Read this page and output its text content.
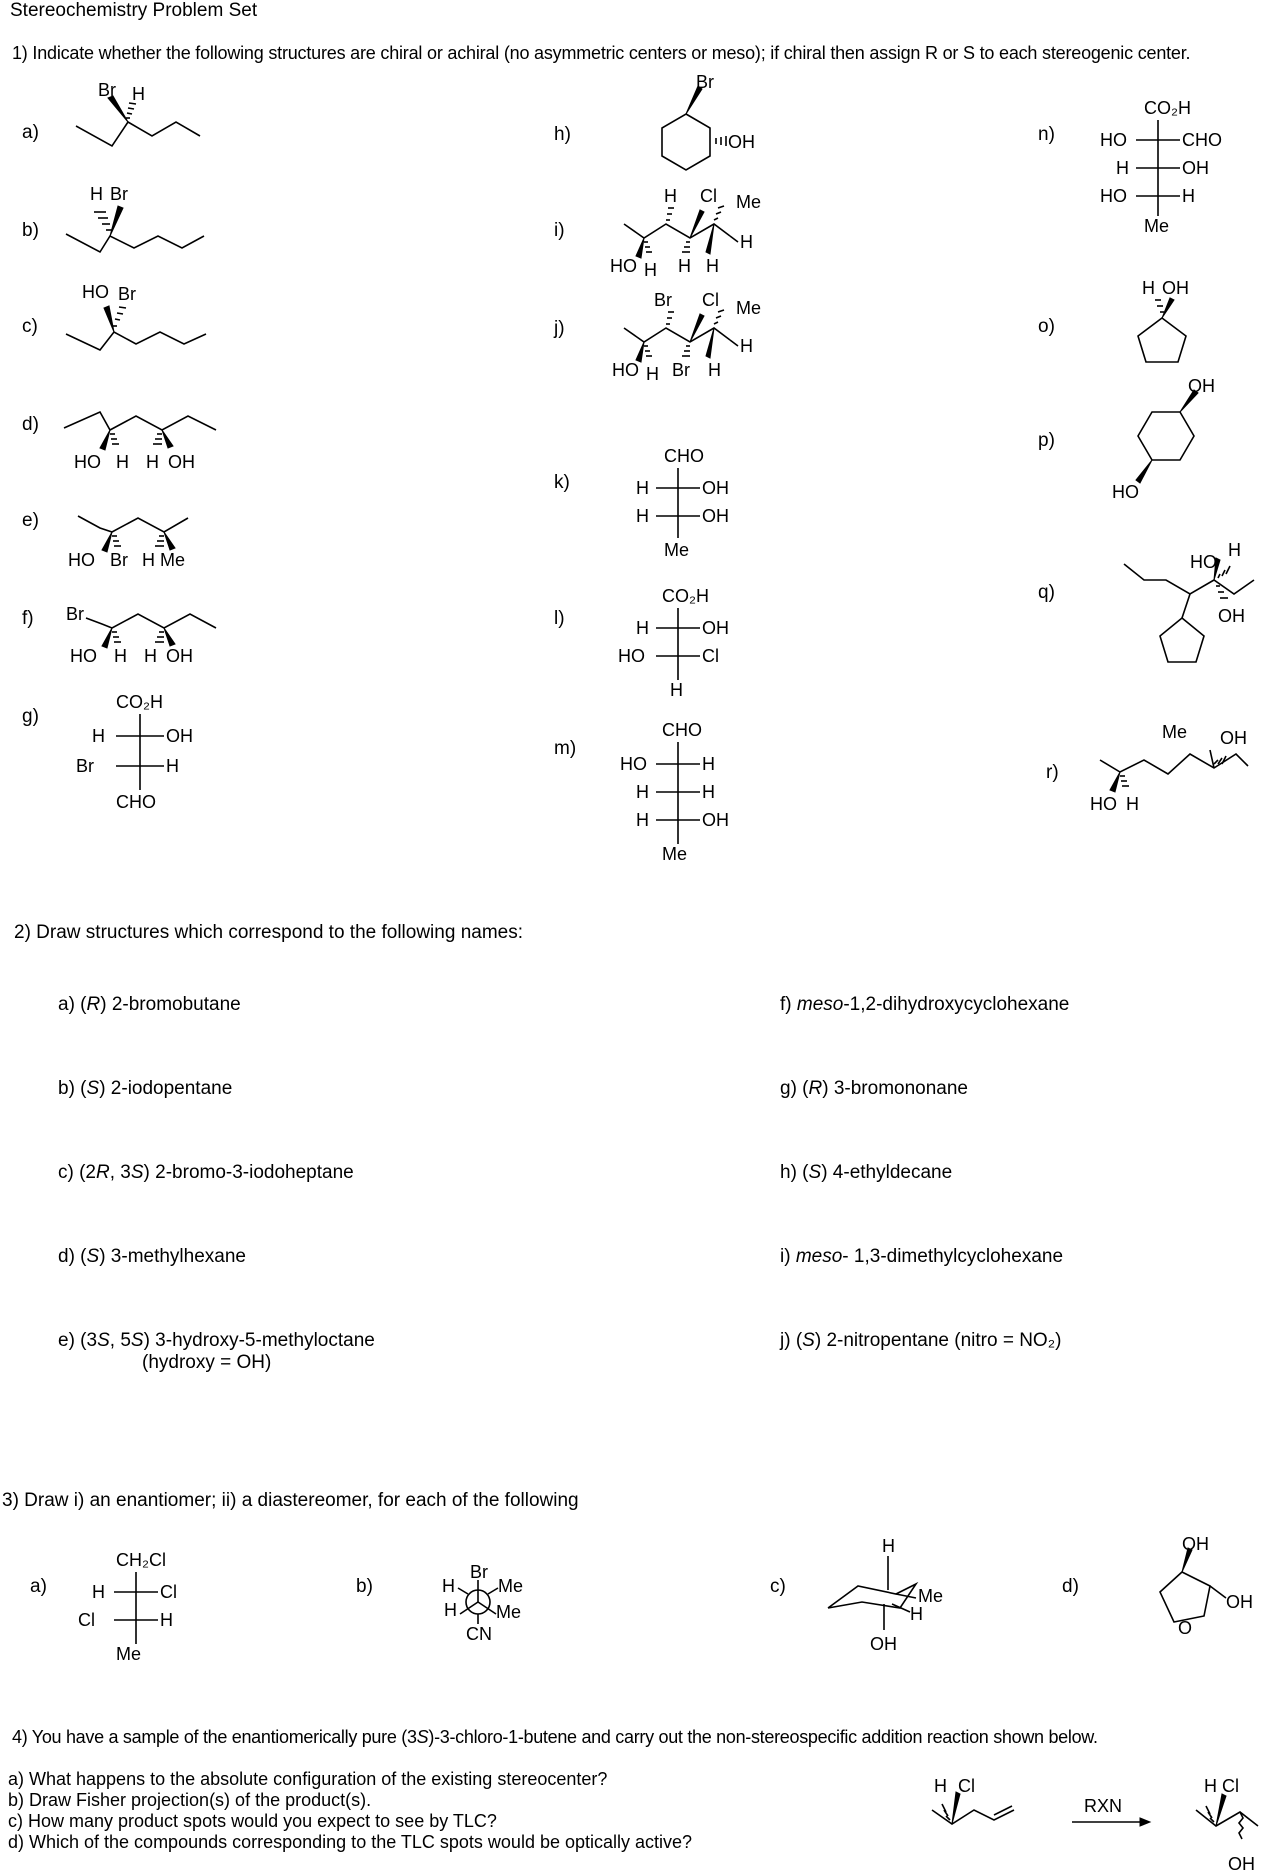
Stereochemistry Problem Set
1) Indicate whether the following structures are chiral or achiral (no asymmetric centers or meso); if chiral then assign R or S to each stereogenic center.
a)
b)
c)
d)
e)
f)
g)
h)
i)
j)
k)
l)
m)
n)
o)
p)
q)
r)
Br H
H Br
HO Br
HO H H OH
HO Br H Me
Br
HO H H OH
CO₂H
H	OH
Br	H
CHO
Br
OH
H Cl Me
H
HO H H H
Br Cl Me
H
HO H Br H
CHO
H	OH
H	OH
Me
CO₂H
H	OH
HO	Cl
H
CHO
HO	H
H	H
H	OH
Me
CO₂H
HO	CHO
H	OH
HO	H
Me
H OH
OH
HO
HO
H
OH
Me OH
HO H
2) Draw structures which correspond to the following names:
a) (R) 2-bromobutane
b) (S) 2-iodopentane
c) (2R, 3S) 2-bromo-3-iodoheptane
d) (S) 3-methylhexane
e) (3S, 5S) 3-hydroxy-5-methyloctane
(hydroxy = OH)
f) meso-1,2-dihydroxycyclohexane
g) (R) 3-bromononane
h) (S) 4-ethyldecane
i) meso- 1,3-dimethylcyclohexane
j) (S) 2-nitropentane (nitro = NO₂)
3) Draw i) an enantiomer; ii) a diastereomer, for each of the following
a)	b)	c)	d)
CH₂Cl
H	Cl
Cl	H
Me
Br
H Me
H Me
CN
H
Me
H
OH
OH
OH
O
4) You have a sample of the enantiomerically pure (3S)-3-chloro-1-butene and carry out the non-stereospecific addition reaction shown below.
a) What happens to the absolute configuration of the existing stereocenter?
b) Draw Fisher projection(s) of the product(s).
c) How many product spots would you expect to see by TLC?
d) Which of the compounds corresponding to the TLC spots would be optically active?
H Cl
RXN
H Cl
OH
